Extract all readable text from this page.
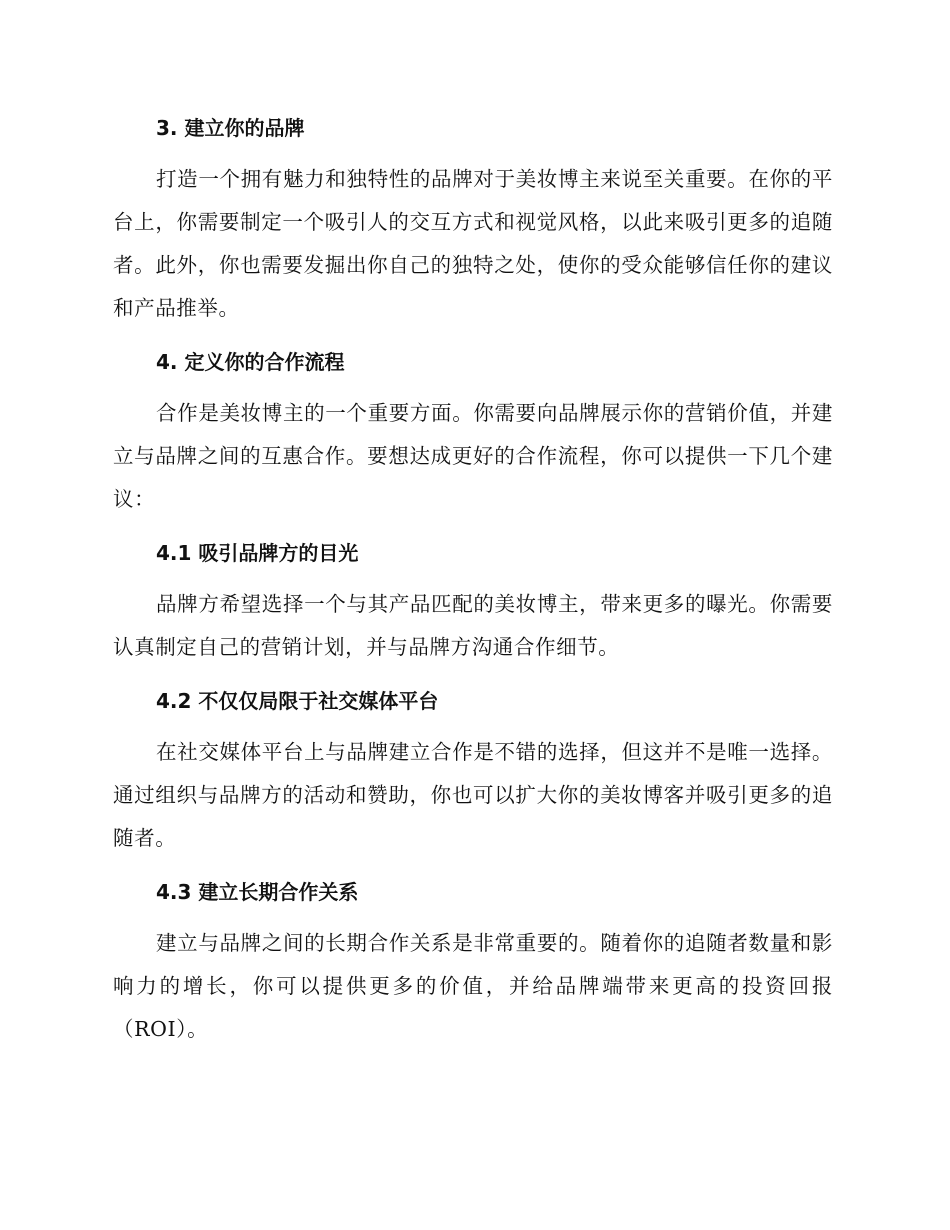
3. 建立你的品牌

打造一个拥有魅力和独特性的品牌对于美妆博主来说至关重要。在你的平台上，你需要制定一个吸引人的交互方式和视觉风格，以此来吸引更多的追随者。此外，你也需要发掘出你自己的独特之处，使你的受众能够信任你的建议和产品推举。

4. 定义你的合作流程

合作是美妆博主的一个重要方面。你需要向品牌展示你的营销价值，并建立与品牌之间的互惠合作。要想达成更好的合作流程，你可以提供一下几个建议：

4.1 吸引品牌方的目光

品牌方希望选择一个与其产品匹配的美妆博主，带来更多的曝光。你需要认真制定自己的营销计划，并与品牌方沟通合作细节。

4.2 不仅仅局限于社交媒体平台

在社交媒体平台上与品牌建立合作是不错的选择，但这并不是唯一选择。通过组织与品牌方的活动和赞助，你也可以扩大你的美妆博客并吸引更多的追随者。

4.3 建立长期合作关系

建立与品牌之间的长期合作关系是非常重要的。随着你的追随者数量和影响力的增长，你可以提供更多的价值，并给品牌端带来更高的投资回报（ROI）。
